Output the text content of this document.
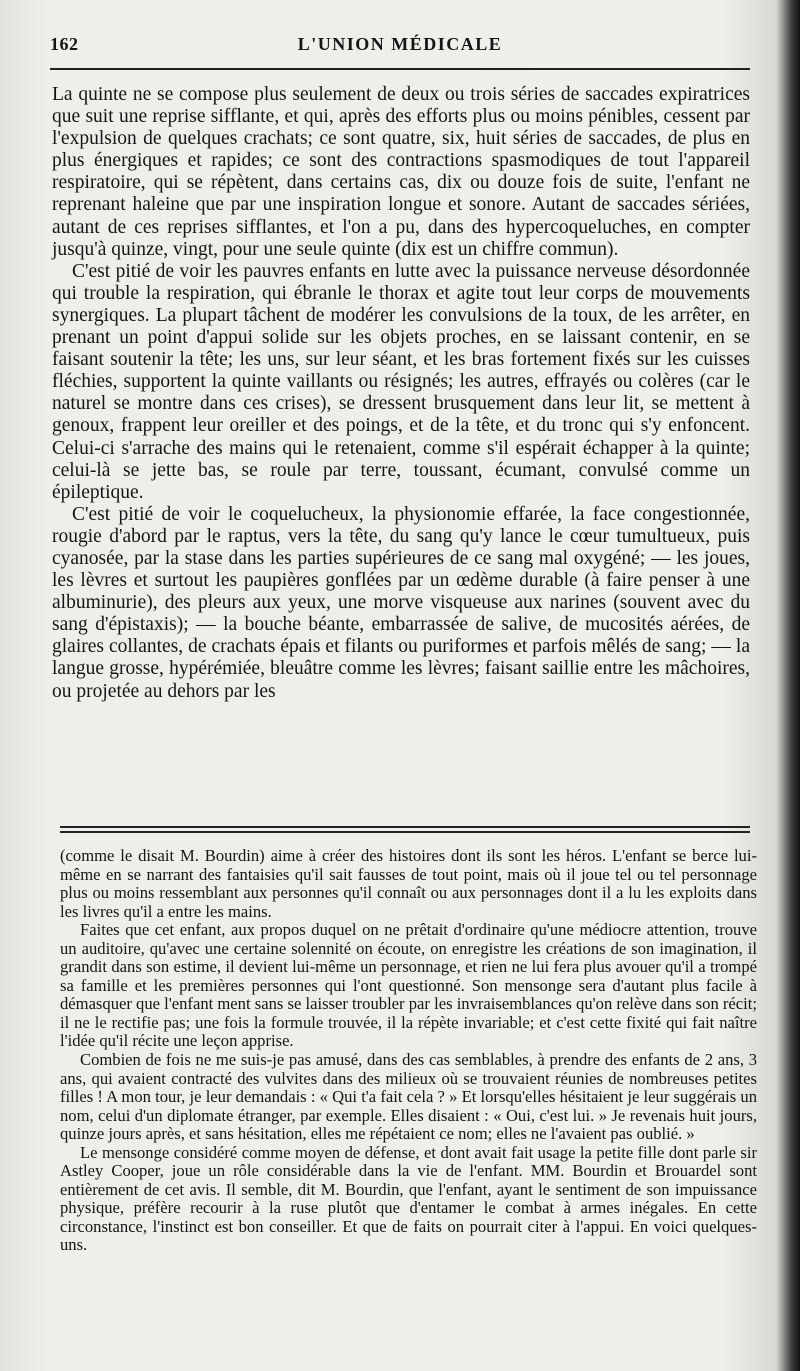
162	L'UNION MÉDICALE

La quinte ne se compose plus seulement de deux ou trois séries de saccades expiratrices que suit une reprise sifflante, et qui, après des efforts plus ou moins pénibles, cessent par l'expulsion de quelques crachats; ce sont quatre, six, huit séries de saccades, de plus en plus énergiques et rapides; ce sont des contractions spasmodiques de tout l'appareil respiratoire, qui se répètent, dans certains cas, dix ou douze fois de suite, l'enfant ne reprenant haleine que par une inspiration longue et sonore. Autant de saccades sériées, autant de ces reprises sifflantes, et l'on a pu, dans des hypercoqueluches, en compter jusqu'à quinze, vingt, pour une seule quinte (dix est un chiffre commun).

C'est pitié de voir les pauvres enfants en lutte avec la puissance nerveuse désordonnée qui trouble la respiration, qui ébranle le thorax et agite tout leur corps de mouvements synergiques. La plupart tâchent de modérer les convulsions de la toux, de les arrêter, en prenant un point d'appui solide sur les objets proches, en se laissant contenir, en se faisant soutenir la tête; les uns, sur leur séant, et les bras fortement fixés sur les cuisses fléchies, supportent la quinte vaillants ou résignés; les autres, effrayés ou colères (car le naturel se montre dans ces crises), se dressent brusquement dans leur lit, se mettent à genoux, frappent leur oreiller et des poings, et de la tête, et du tronc qui s'y enfoncent. Celui-ci s'arrache des mains qui le retenaient, comme s'il espérait échapper à la quinte; celui-là se jette bas, se roule par terre, toussant, écumant, convulsé comme un épileptique.

C'est pitié de voir le coquelucheux, la physionomie effarée, la face congestionnée, rougie d'abord par le raptus, vers la tête, du sang qu'y lance le cœur tumultueux, puis cyanosée, par la stase dans les parties supérieures de ce sang mal oxygéné; — les joues, les lèvres et surtout les paupières gonflées par un œdème durable (à faire penser à une albuminurie), des pleurs aux yeux, une morve visqueuse aux narines (souvent avec du sang d'épistaxis); — la bouche béante, embarrassée de salive, de mucosités aérées, de glaires collantes, de crachats épais et filants ou puriformes et parfois mêlés de sang; — la langue grosse, hypérémiée, bleuâtre comme les lèvres; faisant saillie entre les mâchoires, ou projetée au dehors par les

(comme le disait M. Bourdin) aime à créer des histoires dont ils sont les héros. L'enfant se berce lui-même en se narrant des fantaisies qu'il sait fausses de tout point, mais où il joue tel ou tel personnage plus ou moins ressemblant aux personnes qu'il connaît ou aux personnages dont il a lu les exploits dans les livres qu'il a entre les mains.

Faites que cet enfant, aux propos duquel on ne prêtait d'ordinaire qu'une médiocre attention, trouve un auditoire, qu'avec une certaine solennité on écoute, on enregistre les créations de son imagination, il grandit dans son estime, il devient lui-même un personnage, et rien ne lui fera plus avouer qu'il a trompé sa famille et les premières personnes qui l'ont questionné. Son mensonge sera d'autant plus facile à démasquer que l'enfant ment sans se laisser troubler par les invraisemblances qu'on relève dans son récit; il ne le rectifie pas; une fois la formule trouvée, il la répète invariable; et c'est cette fixité qui fait naître l'idée qu'il récite une leçon apprise.

Combien de fois ne me suis-je pas amusé, dans des cas semblables, à prendre des enfants de 2 ans, 3 ans, qui avaient contracté des vulvites dans des milieux où se trouvaient réunies de nombreuses petites filles ! A mon tour, je leur demandais : « Qui t'a fait cela ? » Et lorsqu'elles hésitaient je leur suggérais un nom, celui d'un diplomate étranger, par exemple. Elles disaient : « Oui, c'est lui. » Je revenais huit jours, quinze jours après, et sans hésitation, elles me répétaient ce nom; elles ne l'avaient pas oublié. »

Le mensonge considéré comme moyen de défense, et dont avait fait usage la petite fille dont parle sir Astley Cooper, joue un rôle considérable dans la vie de l'enfant. MM. Bourdin et Brouardel sont entièrement de cet avis. Il semble, dit M. Bourdin, que l'enfant, ayant le sentiment de son impuissance physique, préfère recourir à la ruse plutôt que d'entamer le combat à armes inégales. En cette circonstance, l'instinct est bon conseiller. Et que de faits on pourrait citer à l'appui. En voici quelques-uns.
